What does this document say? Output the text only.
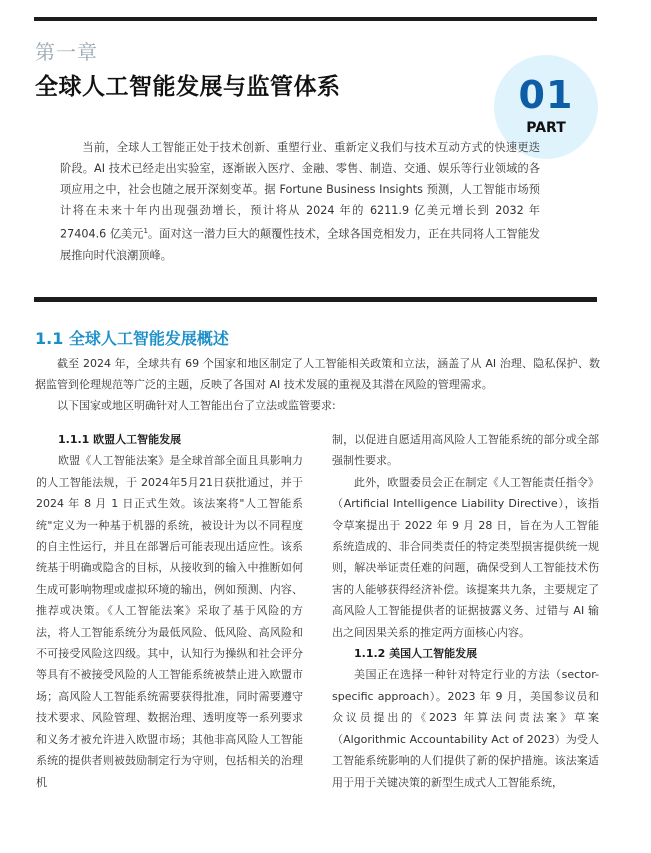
第一章
全球人工智能发展与监管体系	01
PART

当前，全球人工智能正处于技术创新、重塑行业、重新定义我们与技术互动方式的快速更迭阶段。AI 技术已经走出实验室，逐渐嵌入医疗、金融、零售、制造、交通、娱乐等行业领域的各项应用之中，社会也随之展开深刻变革。据 Fortune Business Insights 预测，人工智能市场预计将在未来十年内出现强劲增长，预计将从 2024 年的 6211.9 亿美元增长到 2032 年 27404.6 亿美元$^1$。面对这一潜力巨大的颠覆性技术，全球各国竞相发力，正在共同将人工智能发展推向时代浪潮顶峰。

1.1 全球人工智能发展概述

截至 2024 年，全球共有 69 个国家和地区制定了人工智能相关政策和立法，涵盖了从 AI 治理、隐私保护、数据监管到伦理规范等广泛的主题，反映了各国对 AI 技术发展的重视及其潜在风险的管理需求。

以下国家或地区明确针对人工智能出台了立法或监管要求:

1.1.1 欧盟人工智能发展

欧盟《人工智能法案》是全球首部全面且具影响力的人工智能法规，于 2024年5月21日获批通过，并于 2024 年 8 月 1 日正式生效。该法案将"人工智能系统"定义为一种基于机器的系统，被设计为以不同程度的自主性运行，并且在部署后可能表现出适应性。该系统基于明确或隐含的目标，从接收到的输入中推断如何生成可影响物理或虚拟环境的输出，例如预测、内容、推荐或决策。《人工智能法案》采取了基于风险的方法，将人工智能系统分为最低风险、低风险、高风险和不可接受风险这四级。其中，认知行为操纵和社会评分等具有不被接受风险的人工智能系统被禁止进入欧盟市场；高风险人工智能系统需要获得批准，同时需要遵守技术要求、风险管理、数据治理、透明度等一系列要求和义务才被允许进入欧盟市场；其他非高风险人工智能系统的提供者则被鼓励制定行为守则，包括相关的治理机

制，以促进自愿适用高风险人工智能系统的部分或全部强制性要求。

此外，欧盟委员会正在制定《人工智能责任指令》（Artificial Intelligence Liability Directive），该指令草案提出于 2022 年 9 月 28 日，旨在为人工智能系统造成的、非合同类责任的特定类型损害提供统一规则，解决举证责任难的问题，确保受到人工智能技术伤害的人能够获得经济补偿。该提案共九条，主要规定了高风险人工智能提供者的证据披露义务、过错与 AI 输出之间因果关系的推定两方面核心内容。

1.1.2 美国人工智能发展

美国正在选择一种针对特定行业的方法（sector-specific approach）。2023 年 9 月，美国参议员和众议员提出的《2023 年算法问责法案》草案（Algorithmic Accountability Act of 2023）为受人工智能系统影响的人们提供了新的保护措施。该法案适用于用于关键决策的新型生成式人工智能系统，
